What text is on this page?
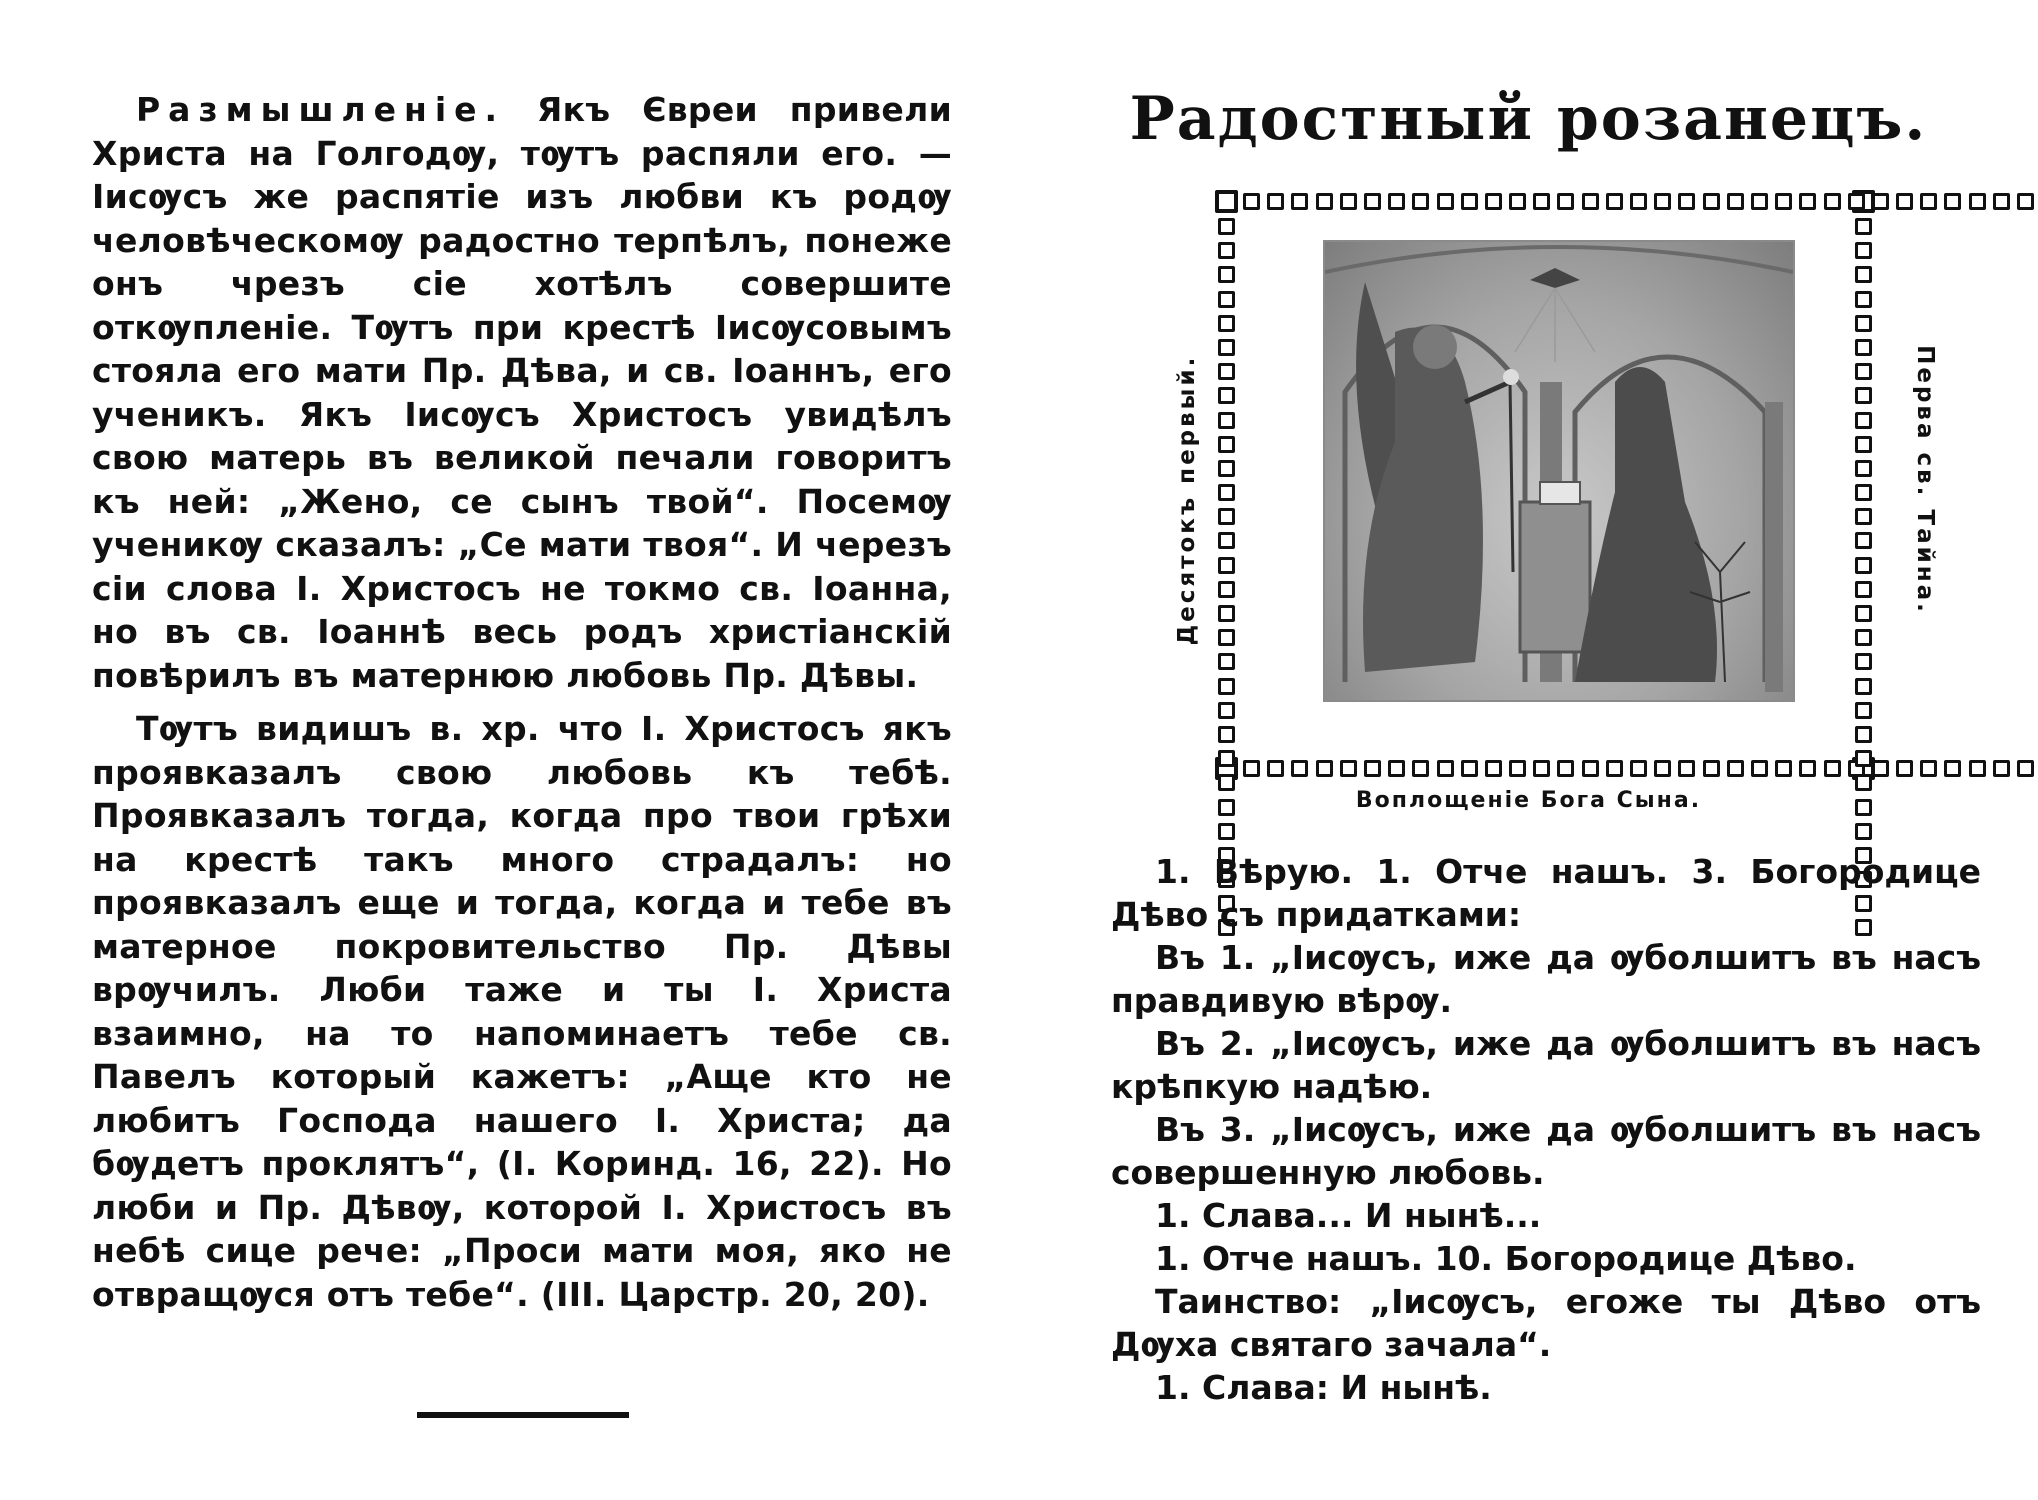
Размышленіе. Якъ Євреи привели Христа на Голгодѹ, тѹтъ распяли его. — Іисѹсъ же распятіе изъ любви къ родѹ человѣческомѹ радостно терпѣлъ, понеже онъ чрезъ сіе хотѣлъ совершите откѹпленіе. Тѹтъ при крестѣ Іисѹсовымъ стояла его мати Пр. Дѣва, и св. Іоаннъ, его ученикъ. Якъ Іисѹсъ Христосъ увидѣлъ свою матерь въ великой печали говоритъ къ ней: „Жено, се сынъ твой“. Посемѹ ученикѹ сказалъ: „Се мати твоя“. И черезъ сіи слова І. Христосъ не токмо св. Іоанна, но въ св. Іоаннѣ весь родъ христіанскій повѣрилъ въ матернюю любовь Пр. Дѣвы.

Тѹтъ видишъ в. хр. что І. Христосъ якъ проявказалъ свою любовь къ тебѣ. Проявказалъ тогда, когда про твои грѣхи на крестѣ такъ много страдалъ: но проявказалъ еще и тогда, когда и тебе въ матерное покровительство Пр. Дѣвы врѹчилъ. Люби таже и ты І. Христа взаимно, на то напоминаетъ тебе св. Павелъ который кажетъ: „Аще кто не любитъ Господа нашего І. Христа; да бѹдетъ проклятъ“, (І. Коринд. 16, 22). Но люби и Пр. Дѣвѹ, которой І. Христосъ въ небѣ сице рече: „Проси мати моя, яко не отвращѹся отъ тебе“. (ІІІ. Царстр. 20, 20).

Радостный розанецъ.
Десятокъ первый.	Перва св. Тайна.
Воплощеніе Бога Сына.

1. Вѣрую. 1. Отче нашъ. 3. Богородице Дѣво съ придатками:

Въ 1. „Іисѹсъ, иже да ѹболшитъ въ насъ правдивую вѣрѹ.

Въ 2. „Іисѹсъ, иже да ѹболшитъ въ насъ крѣпкую надѣю.

Въ 3. „Іисѹсъ, иже да ѹболшитъ въ насъ совершенную любовь.

1. Слава... И нынѣ...

1. Отче нашъ. 10. Богородице Дѣво.

Таинство: „Іисѹсъ, егоже ты Дѣво отъ Дѹха святаго зачала“.

1. Слава: И нынѣ.
